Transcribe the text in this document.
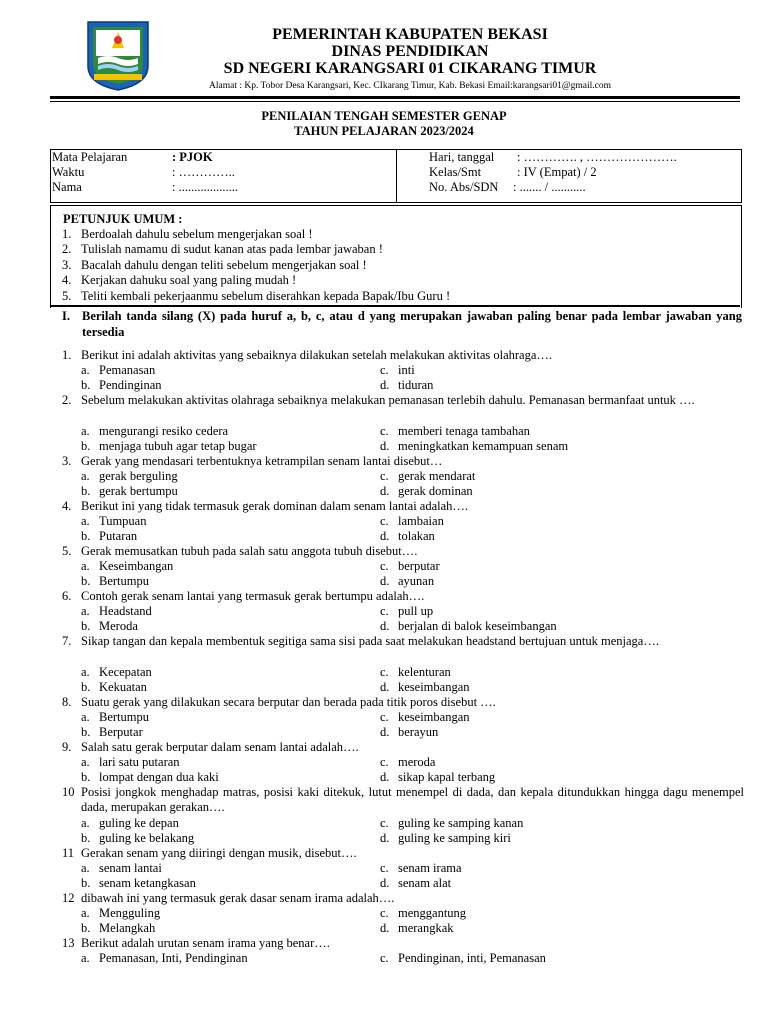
PEMERINTAH KABUPATEN BEKASI
DINAS PENDIDIKAN
SD NEGERI KARANGSARI 01 CIKARANG TIMUR
Alamat : Kp. Tobor Desa Karangsari, Kec. CIkarang Timur, Kab. Bekasi Email:karangsari01@gmail.com
PENILAIAN TENGAH SEMESTER GENAP
TAHUN PELAJARAN 2023/2024
Mata Pelajaran	: PJOK
Waktu	: …………..
Nama	: ...................
Hari, tanggal : …………. , ………………….
Kelas/Smt	: IV (Empat) / 2
No. Abs/SDN : ....... / ...........
PETUNJUK UMUM :
1. Berdoalah dahulu sebelum mengerjakan soal !
2. Tulislah namamu di sudut kanan atas pada lembar jawaban !
3. Bacalah dahulu dengan teliti sebelum mengerjakan soal !
4. Kerjakan dahuku soal yang paling mudah !
5. Teliti kembali pekerjaanmu sebelum diserahkan kepada Bapak/Ibu Guru !
I. Berilah tanda silang (X) pada huruf a, b, c, atau d yang merupakan jawaban paling benar pada lembar jawaban yang tersedia
1. Berikut ini adalah aktivitas yang sebaiknya dilakukan setelah melakukan aktivitas olahraga….
a. Pemanasan	c. inti
b. Pendinginan	d. tiduran
2. Sebelum melakukan aktivitas olahraga sebaiknya melakukan pemanasan terlebih dahulu. Pemanasan bermanfaat untuk ….
a. mengurangi resiko cedera	c. memberi tenaga tambahan
b. menjaga tubuh agar tetap bugar	d. meningkatkan kemampuan senam
3. Gerak yang mendasari terbentuknya ketrampilan senam lantai disebut…
a. gerak berguling	c. gerak mendarat
b. gerak bertumpu	d. gerak dominan
4. Berikut ini yang tidak termasuk gerak dominan dalam senam lantai adalah….
a. Tumpuan	c. lambaian
b. Putaran	d. tolakan
5. Gerak memusatkan tubuh pada salah satu anggota tubuh disebut….
a. Keseimbangan	c. berputar
b. Bertumpu	d. ayunan
6. Contoh gerak senam lantai yang termasuk gerak bertumpu adalah….
a. Headstand	c. pull up
b. Meroda	d. berjalan di balok keseimbangan
7. Sikap tangan dan kepala membentuk segitiga sama sisi pada saat melakukan headstand bertujuan untuk menjaga….
a. Kecepatan	c. kelenturan
b. Kekuatan	d. keseimbangan
8. Suatu gerak yang dilakukan secara berputar dan berada pada titik poros disebut ….
a. Bertumpu	c. keseimbangan
b. Berputar	d. berayun
9. Salah satu gerak berputar dalam senam lantai adalah….
a. lari satu putaran	c. meroda
b. lompat dengan dua kaki	d. sikap kapal terbang
10 Posisi jongkok menghadap matras, posisi kaki ditekuk, lutut menempel di dada, dan kepala ditundukkan hingga dagu menempel dada, merupakan gerakan….
a. guling ke depan	c. guling ke samping kanan
b. guling ke belakang	d. guling ke samping kiri
11 Gerakan senam yang diiringi dengan musik, disebut….
a. senam lantai	c. senam irama
b. senam ketangkasan	d. senam alat
12 dibawah ini yang termasuk gerak dasar senam irama adalah….
a. Mengguling	c. menggantung
b. Melangkah	d. merangkak
13 Berikut adalah urutan senam irama yang benar….
a. Pemanasan, Inti, Pendinginan	c. Pendinginan, inti, Pemanasan
